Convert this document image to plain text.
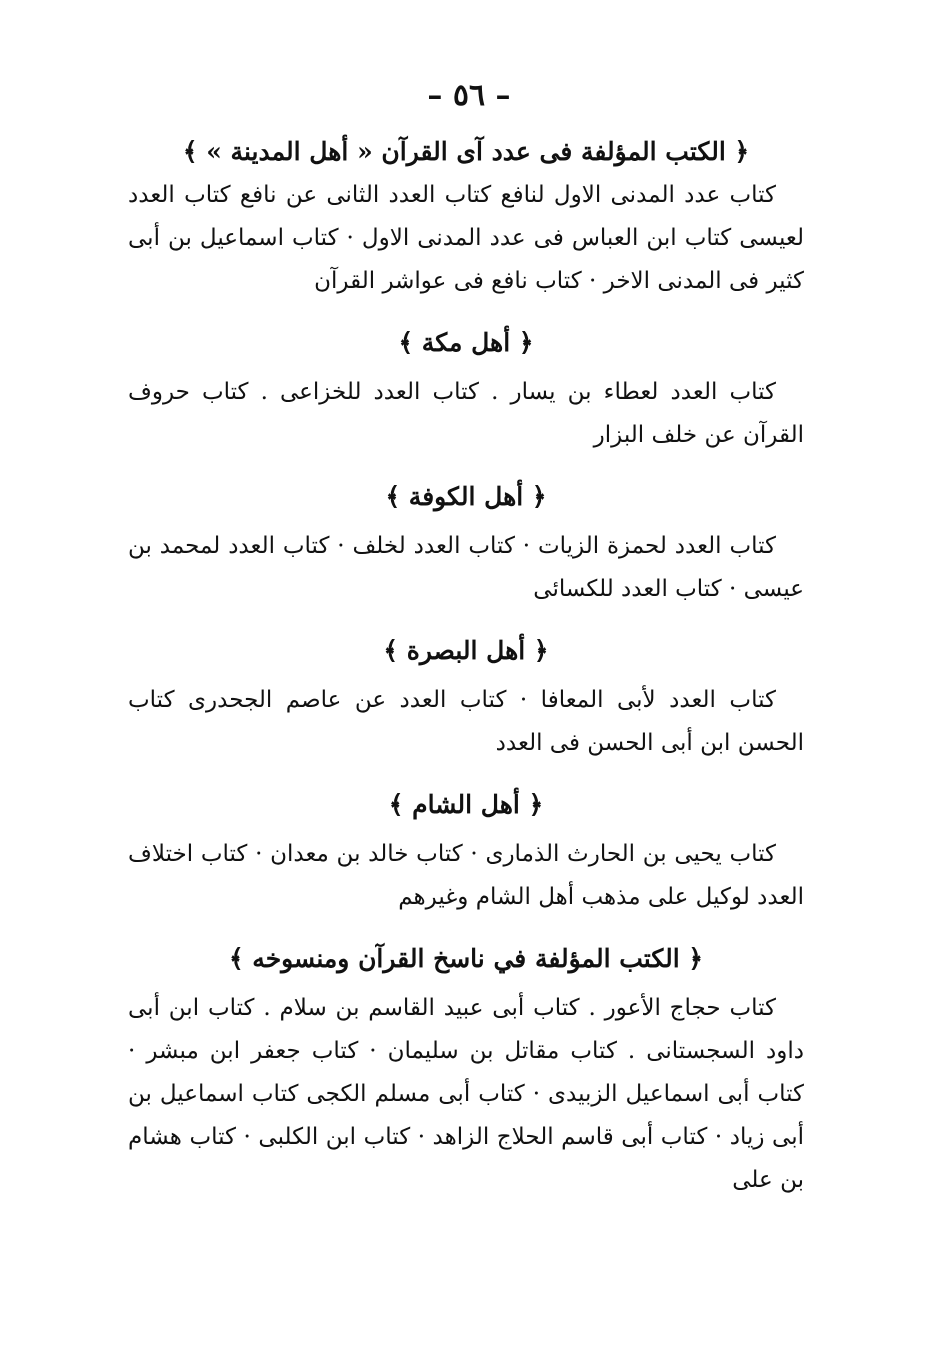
– ٥٦ –
﴿ الكتب المؤلفة فى عدد آى القرآن « أهل المدينة » ﴾

كتاب عدد المدنى الاول لنافع كتاب العدد الثانى عن نافع كتاب العدد لعيسى كتاب ابن العباس فى عدد المدنى الاول · كتاب اسماعيل بن أبى كثير فى المدنى الاخر · كتاب نافع فى عواشر القرآن

﴿ أهل مكة ﴾

كتاب العدد لعطاء بن يسار . كتاب العدد للخزاعى . كتاب حروف القرآن عن خلف البزار

﴿ أهل الكوفة ﴾

كتاب العدد لحمزة الزيات · كتاب العدد لخلف · كتاب العدد لمحمد بن عيسى · كتاب العدد للكسائى

﴿ أهل البصرة ﴾

كتاب العدد لأبى المعافا · كتاب العدد عن عاصم الجحدرى كتاب الحسن ابن أبى الحسن فى العدد

﴿ أهل الشام ﴾

كتاب يحيى بن الحارث الذمارى · كتاب خالد بن معدان · كتاب اختلاف العدد لوكيل على مذهب أهل الشام وغيرهم

﴿ الكتب المؤلفة في ناسخ القرآن ومنسوخه ﴾

كتاب حجاج الأعور . كتاب أبى عبيد القاسم بن سلام . كتاب ابن أبى داود السجستانى . كتاب مقاتل بن سليمان · كتاب جعفر ابن مبشر · كتاب أبى اسماعيل الزبيدى · كتاب أبى مسلم الكجى كتاب اسماعيل بن أبى زياد · كتاب أبى قاسم الحلاج الزاهد · كتاب ابن الكلبى · كتاب هشام بن على
